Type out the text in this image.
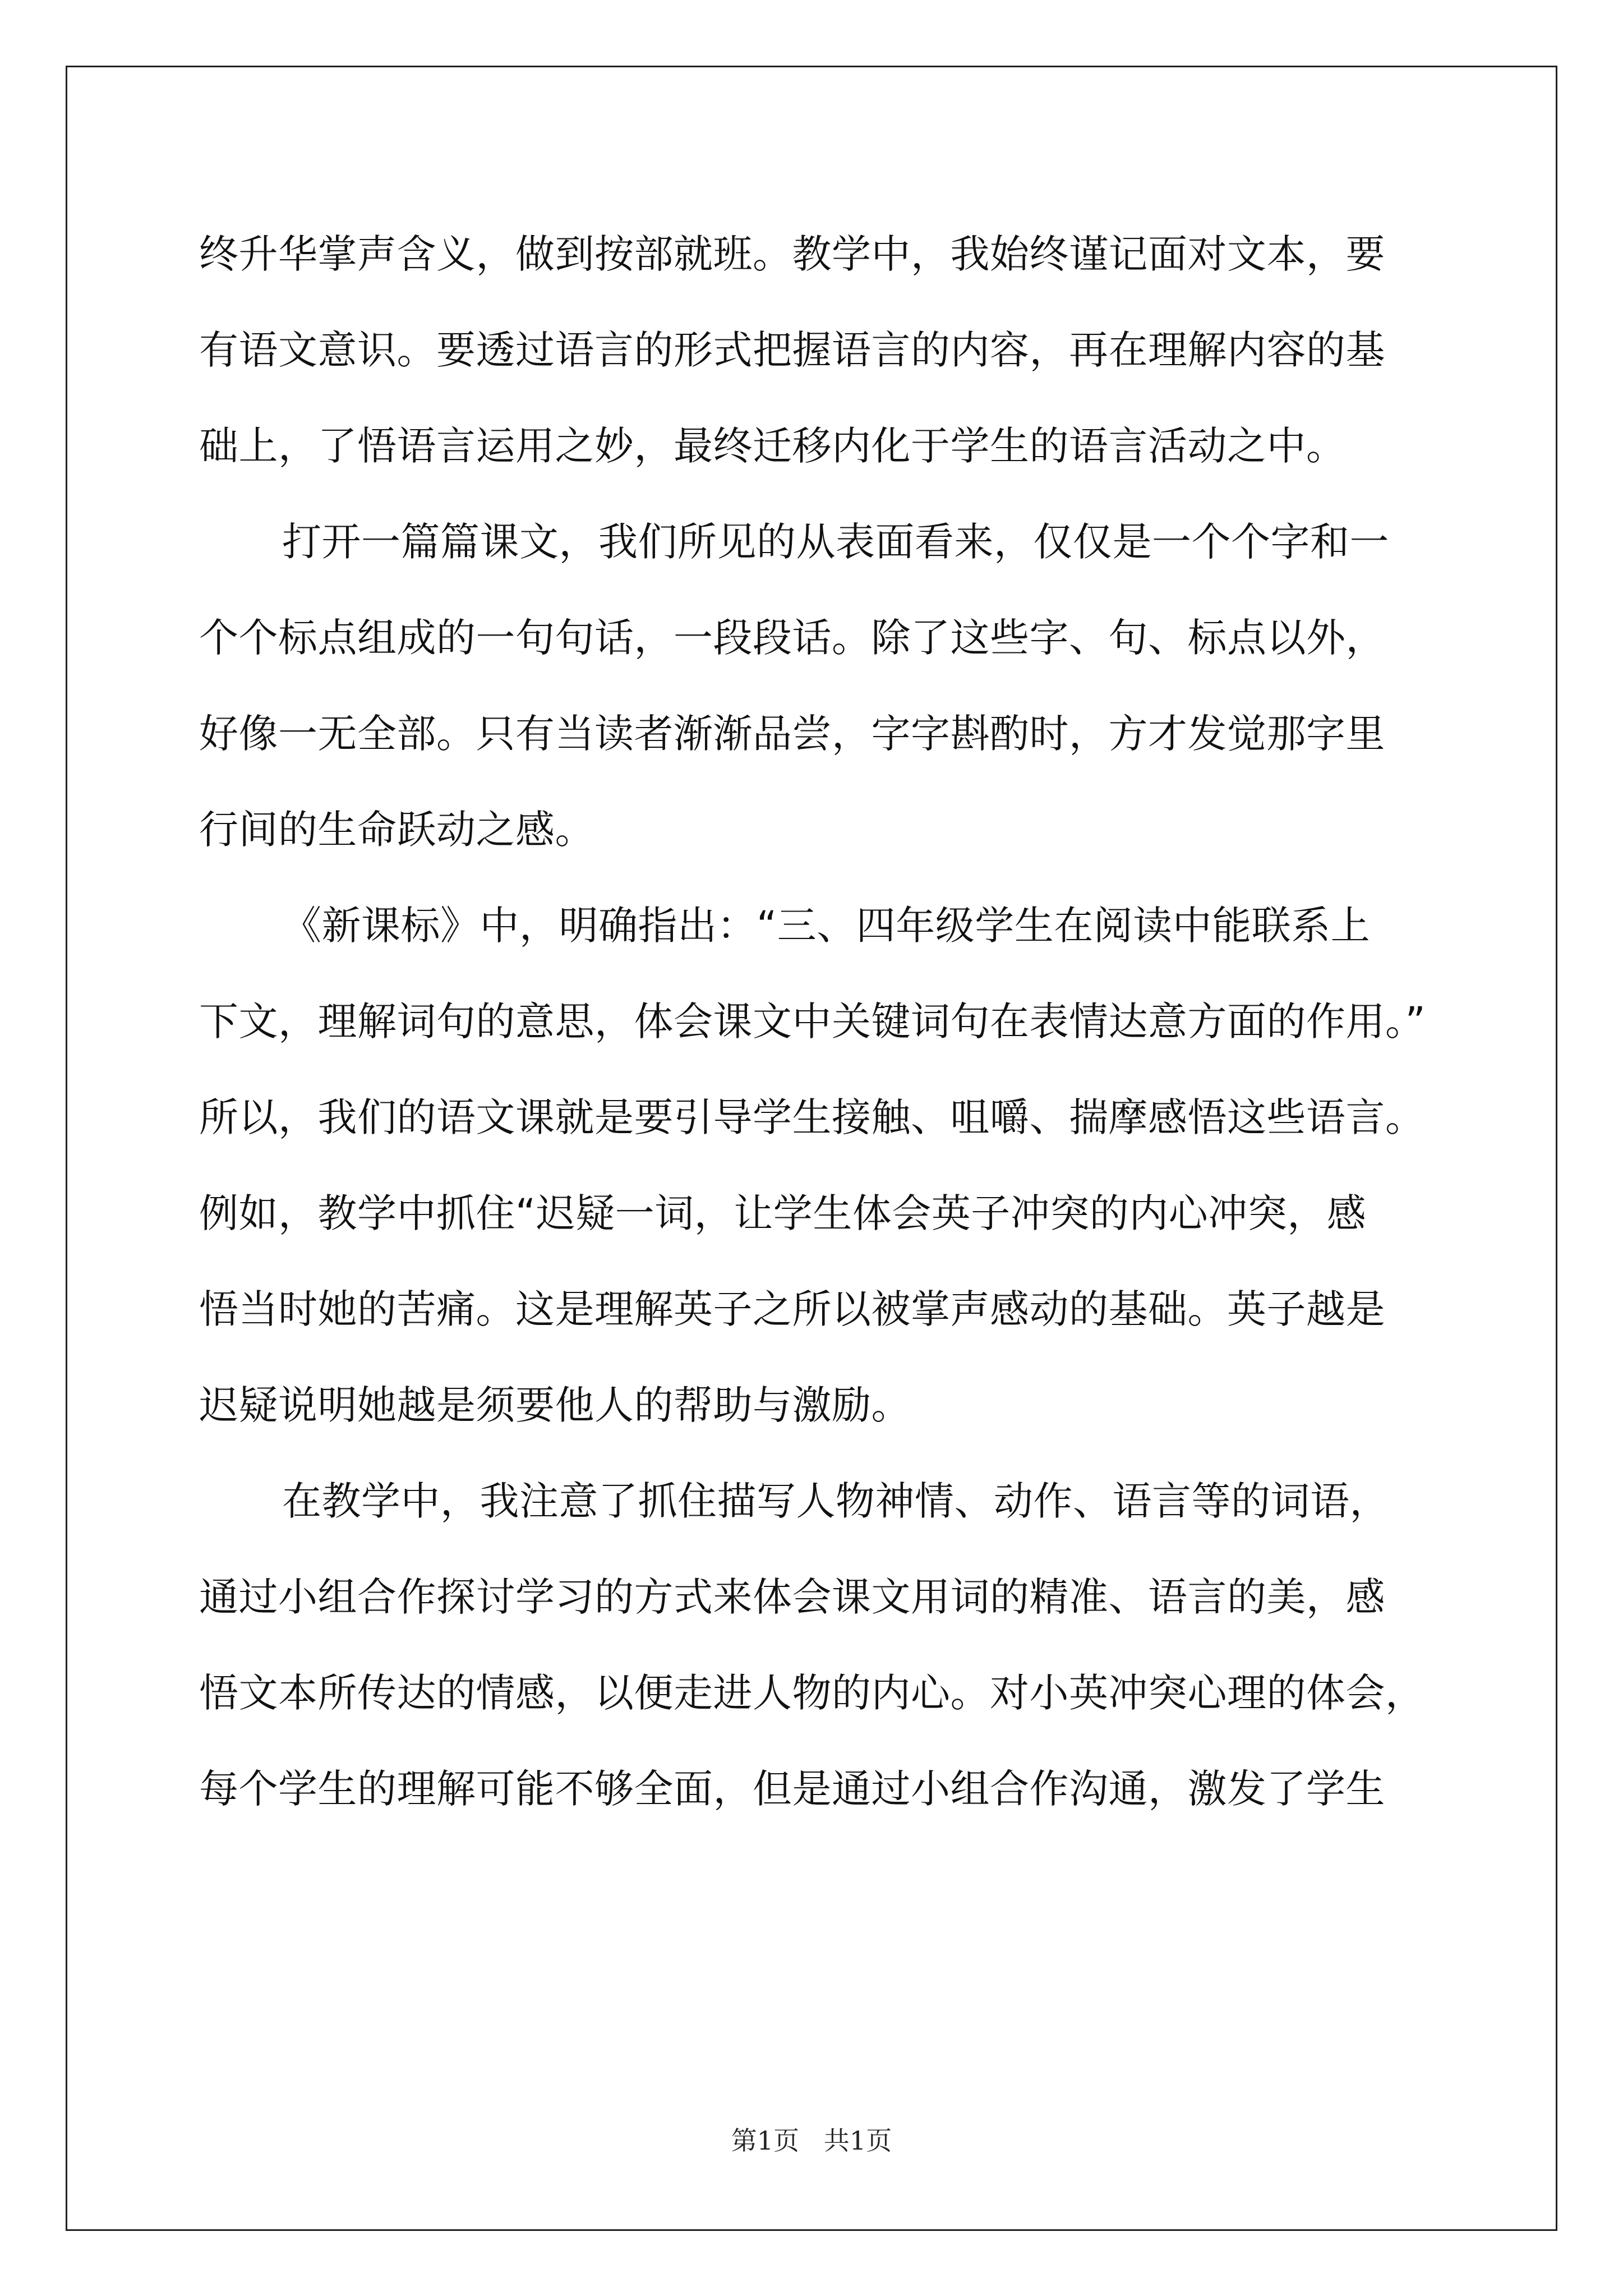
终升华掌声含义，做到按部就班。教学中，我始终谨记面对文本，要
有语文意识。要透过语言的形式把握语言的内容，再在理解内容的基
础上，了悟语言运用之妙，最终迁移内化于学生的语言活动之中。
打开一篇篇课文，我们所见的从表面看来，仅仅是一个个字和一
个个标点组成的一句句话，一段段话。除了这些字、句、标点以外，
好像一无全部。只有当读者渐渐品尝，字字斟酌时，方才发觉那字里
行间的生命跃动之感。
《新课标》中，明确指出：“三、四年级学生在阅读中能联系上
下文，理解词句的意思，体会课文中关键词句在表情达意方面的作用。”
所以，我们的语文课就是要引导学生接触、咀嚼、揣摩感悟这些语言。
例如，教学中抓住“迟疑一词，让学生体会英子冲突的内心冲突，感
悟当时她的苦痛。这是理解英子之所以被掌声感动的基础。英子越是
迟疑说明她越是须要他人的帮助与激励。
在教学中，我注意了抓住描写人物神情、动作、语言等的词语，
通过小组合作探讨学习的方式来体会课文用词的精准、语言的美，感
悟文本所传达的情感，以便走进人物的内心。对小英冲突心理的体会，
每个学生的理解可能不够全面，但是通过小组合作沟通，激发了学生
第1页   共1页
